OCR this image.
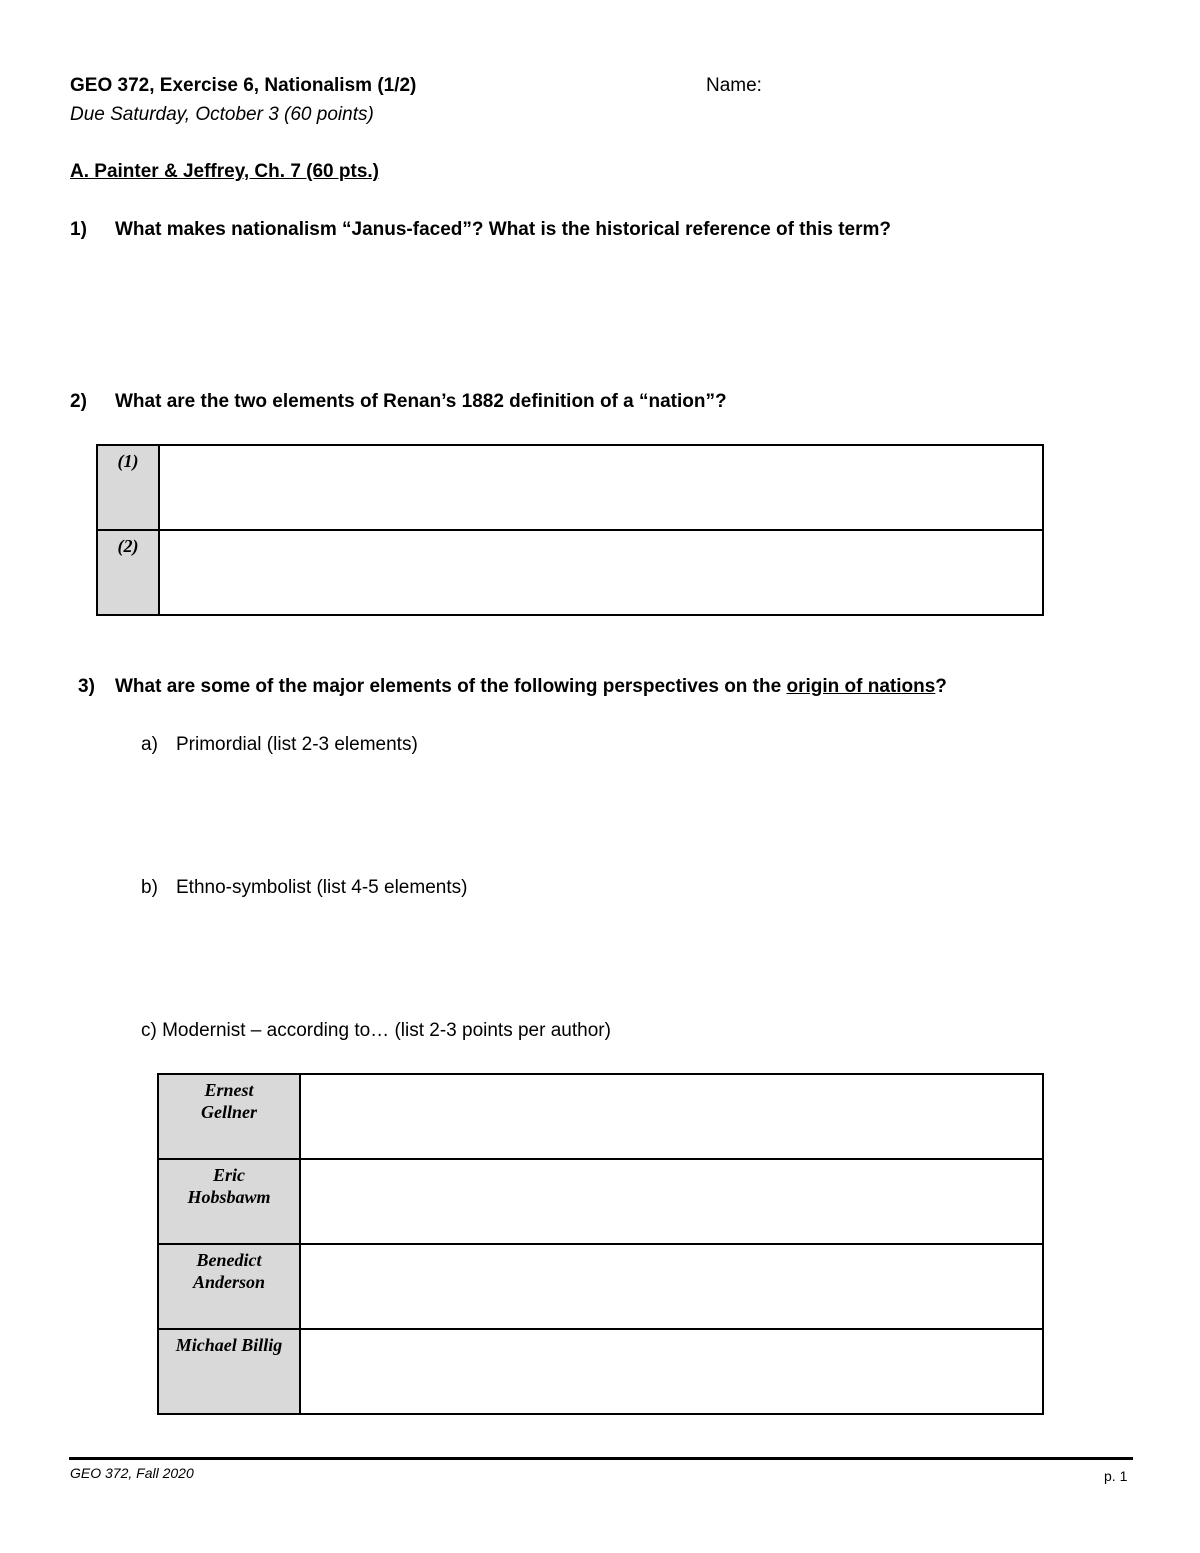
GEO 372, Exercise 6, Nationalism (1/2)	Name:
Due Saturday, October 3 (60 points)
A. Painter & Jeffrey, Ch. 7 (60 pts.)
1) What makes nationalism “Janus-faced”? What is the historical reference of this term?
2) What are the two elements of Renan’s 1882 definition of a “nation”?
(1)	
(2)	
3) What are some of the major elements of the following perspectives on the origin of nations?
a) Primordial (list 2-3 elements)
b) Ethno-symbolist (list 4-5 elements)
c) Modernist – according to… (list 2-3 points per author)
Ernest Gellner	
Eric Hobsbawm	
Benedict Anderson	
Michael Billig	
GEO 372, Fall 2020	p. 1
